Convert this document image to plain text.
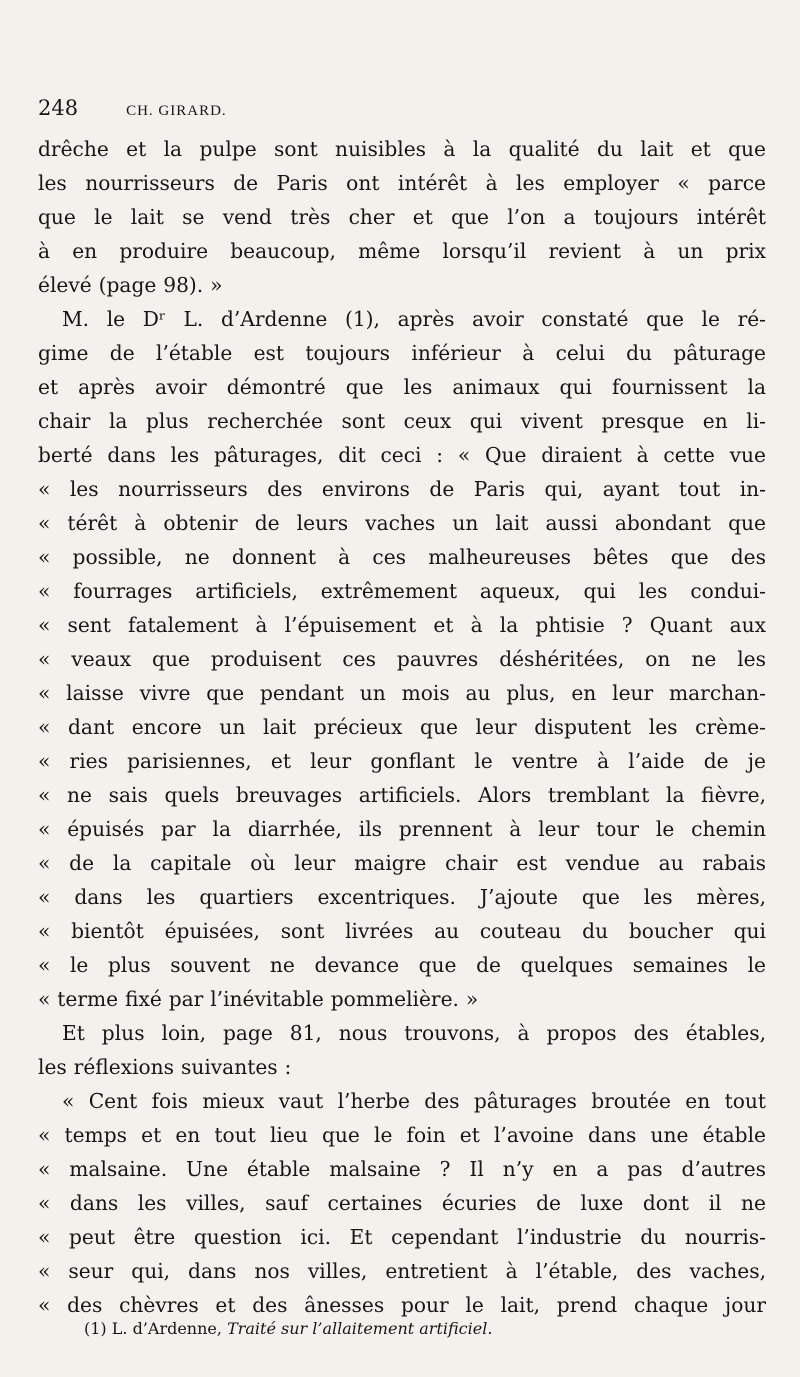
248	CH. GIRARD.
drêche et la pulpe sont nuisibles à la qualité du lait et que
les nourrisseurs de Paris ont intérêt à les employer « parce
que le lait se vend très cher et que l’on a toujours intérêt
à en produire beaucoup, même lorsqu’il revient à un prix
élevé (page 98). »
M. le Dʳ L. d’Ardenne (1), après avoir constaté que le ré-
gime de l’étable est toujours inférieur à celui du pâturage
et après avoir démontré que les animaux qui fournissent la
chair la plus recherchée sont ceux qui vivent presque en li-
berté dans les pâturages, dit ceci : « Que diraient à cette vue
« les nourrisseurs des environs de Paris qui, ayant tout in-
« térêt à obtenir de leurs vaches un lait aussi abondant que
« possible, ne donnent à ces malheureuses bêtes que des
« fourrages artificiels, extrêmement aqueux, qui les condui-
« sent fatalement à l’épuisement et à la phtisie ? Quant aux
« veaux que produisent ces pauvres déshéritées, on ne les
« laisse vivre que pendant un mois au plus, en leur marchan-
« dant encore un lait précieux que leur disputent les crème-
« ries parisiennes, et leur gonflant le ventre à l’aide de je
« ne sais quels breuvages artificiels. Alors tremblant la fièvre,
« épuisés par la diarrhée, ils prennent à leur tour le chemin
« de la capitale où leur maigre chair est vendue au rabais
« dans les quartiers excentriques. J’ajoute que les mères,
« bientôt épuisées, sont livrées au couteau du boucher qui
« le plus souvent ne devance que de quelques semaines le
« terme fixé par l’inévitable pommelière. »
Et plus loin, page 81, nous trouvons, à propos des étables,
les réflexions suivantes :
« Cent fois mieux vaut l’herbe des pâturages broutée en tout
« temps et en tout lieu que le foin et l’avoine dans une étable
« malsaine. Une étable malsaine ? Il n’y en a pas d’autres
« dans les villes, sauf certaines écuries de luxe dont il ne
« peut être question ici. Et cependant l’industrie du nourris-
« seur qui, dans nos villes, entretient à l’étable, des vaches,
« des chèvres et des ânesses pour le lait, prend chaque jour
(1) L. d’Ardenne, Traité sur l’allaitement artificiel.
